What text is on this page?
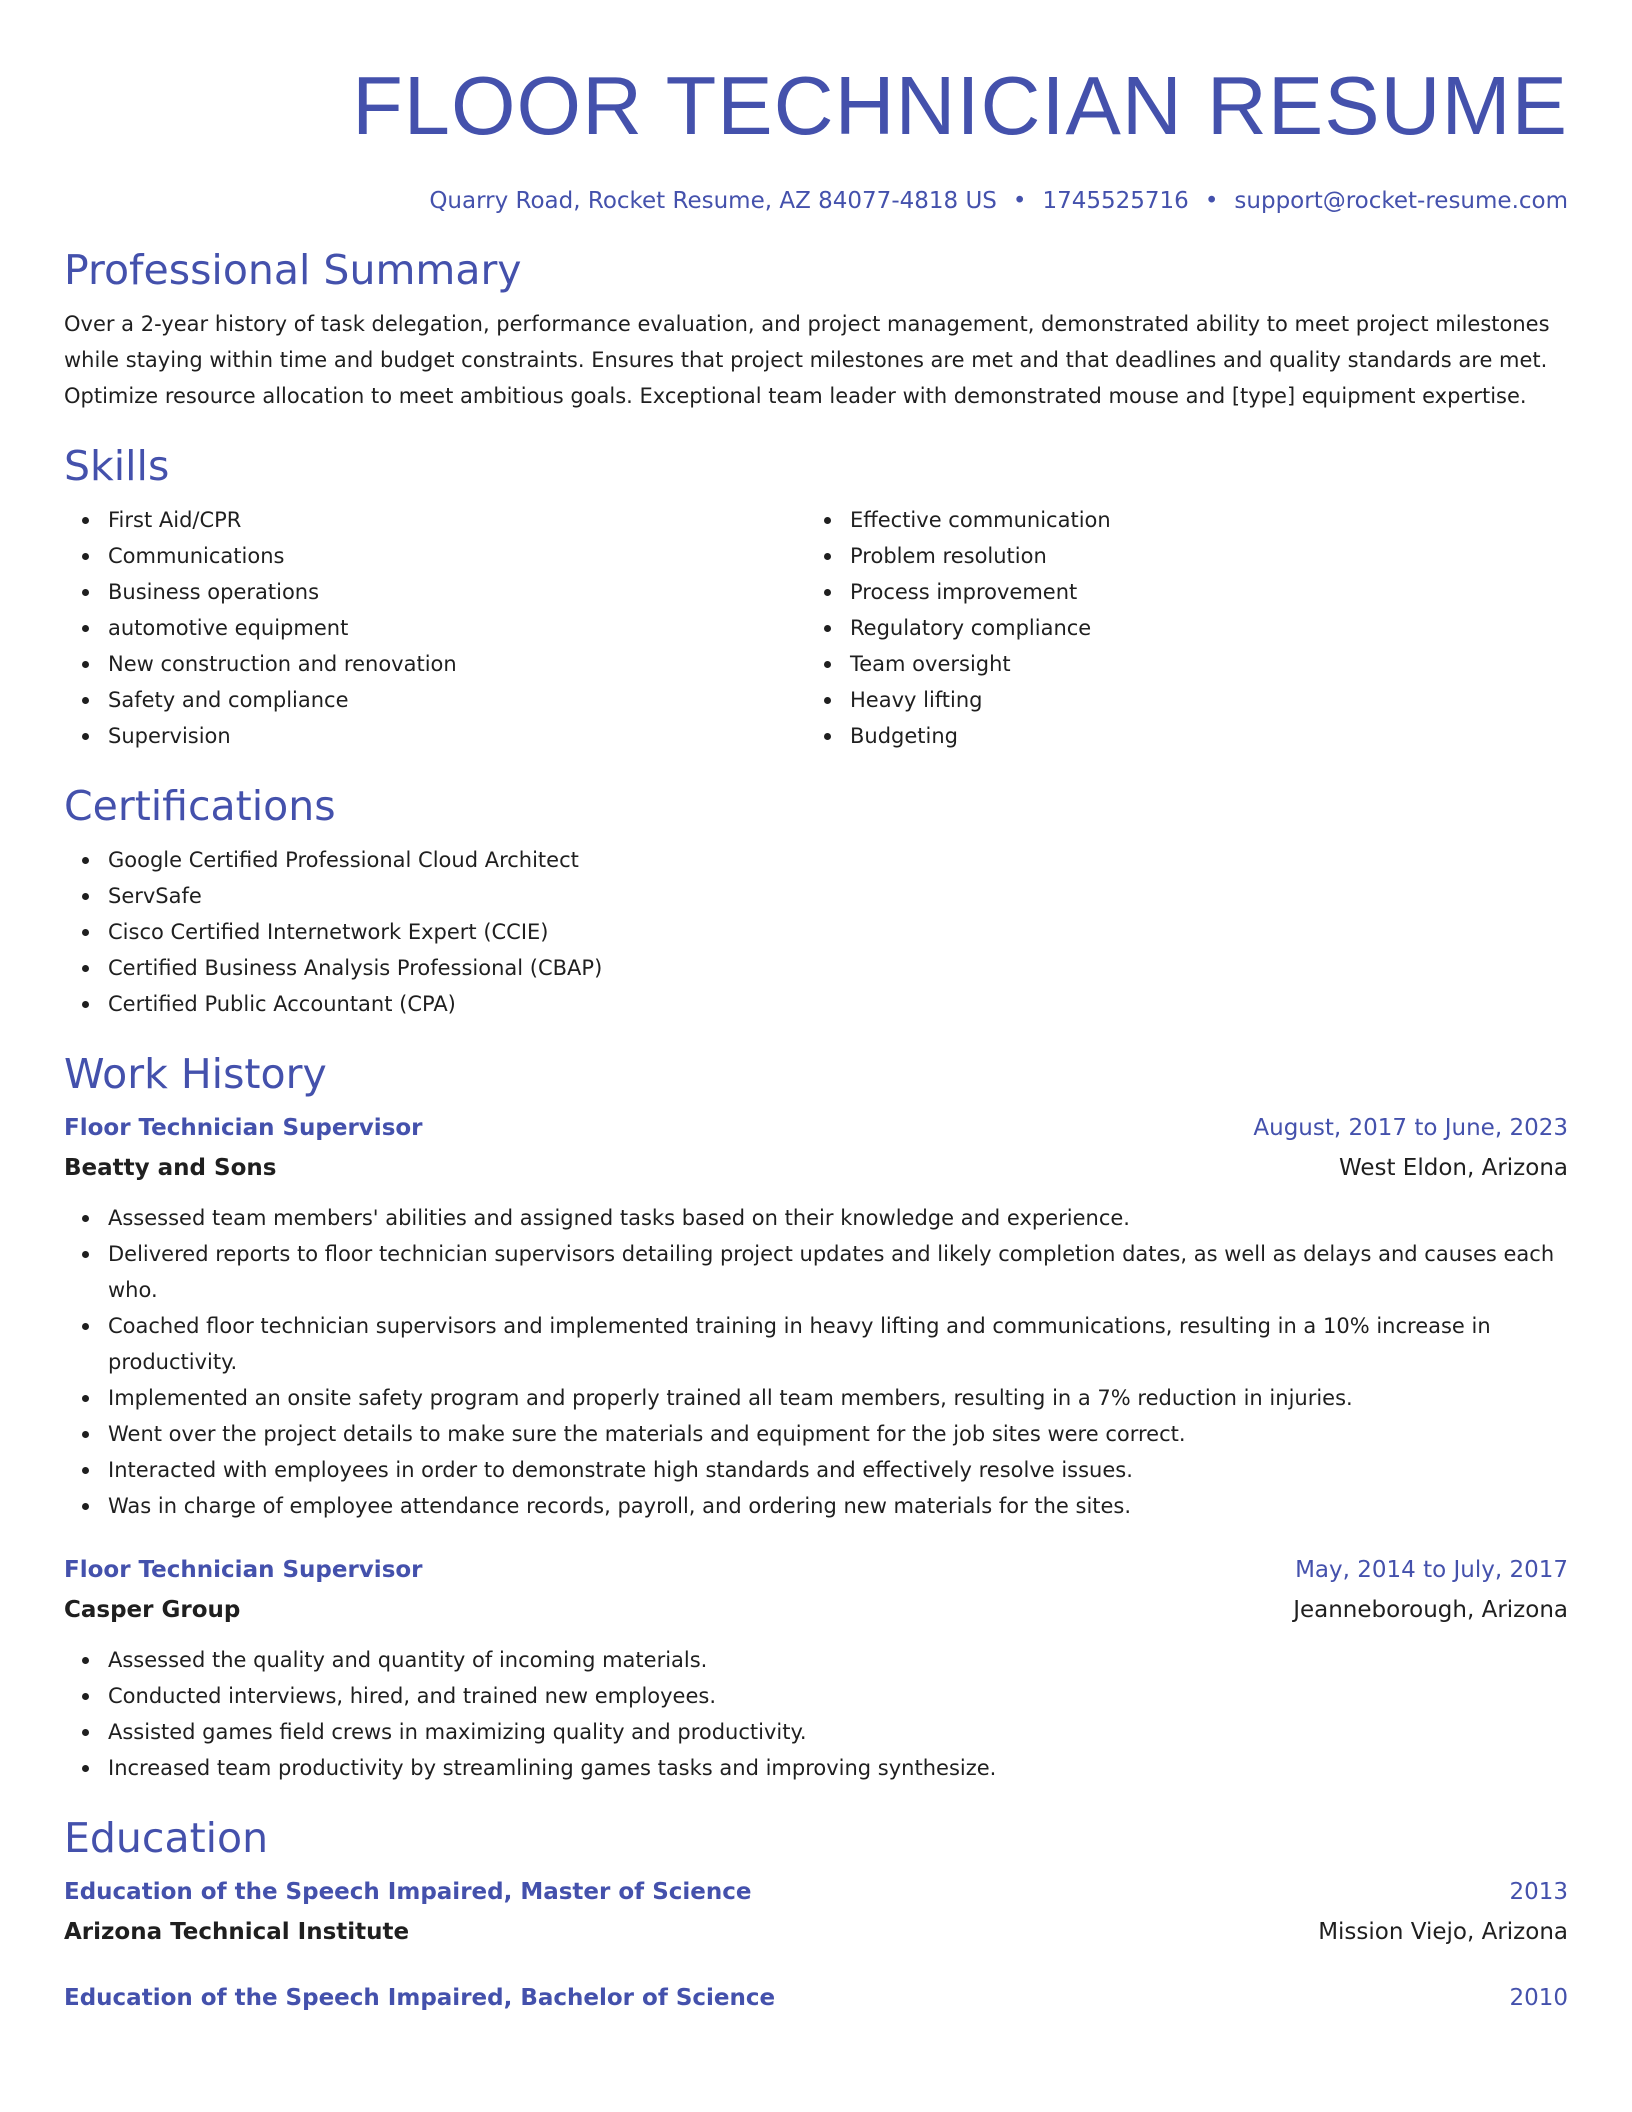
FLOOR TECHNICIAN RESUME
Quarry Road, Rocket Resume, AZ 84077-4818 US • 1745525716 • support@rocket-resume.com
Professional Summary

Over a 2-year history of task delegation, performance evaluation, and project management, demonstrated ability to meet project milestones while staying within time and budget constraints. Ensures that project milestones are met and that deadlines and quality standards are met. Optimize resource allocation to meet ambitious goals. Exceptional team leader with demonstrated mouse and [type] equipment expertise.

Skills
First Aid/CPR
Communications
Business operations
automotive equipment
New construction and renovation
Safety and compliance
Supervision
Effective communication
Problem resolution
Process improvement
Regulatory compliance
Team oversight
Heavy lifting
Budgeting
Certifications
Google Certified Professional Cloud Architect
ServSafe
Cisco Certified Internetwork Expert (CCIE)
Certified Business Analysis Professional (CBAP)
Certified Public Accountant (CPA)
Work History
Floor Technician Supervisor	August, 2017 to June, 2023
Beatty and Sons	West Eldon, Arizona
Assessed team members' abilities and assigned tasks based on their knowledge and experience.
Delivered reports to floor technician supervisors detailing project updates and likely completion dates, as well as delays and causes each who.
Coached floor technician supervisors and implemented training in heavy lifting and communications, resulting in a 10% increase in productivity.
Implemented an onsite safety program and properly trained all team members, resulting in a 7% reduction in injuries.
Went over the project details to make sure the materials and equipment for the job sites were correct.
Interacted with employees in order to demonstrate high standards and effectively resolve issues.
Was in charge of employee attendance records, payroll, and ordering new materials for the sites.
Floor Technician Supervisor	May, 2014 to July, 2017
Casper Group	Jeanneborough, Arizona
Assessed the quality and quantity of incoming materials.
Conducted interviews, hired, and trained new employees.
Assisted games field crews in maximizing quality and productivity.
Increased team productivity by streamlining games tasks and improving synthesize.
Education
Education of the Speech Impaired, Master of Science	2013
Arizona Technical Institute	Mission Viejo, Arizona
Education of the Speech Impaired, Bachelor of Science	2010
